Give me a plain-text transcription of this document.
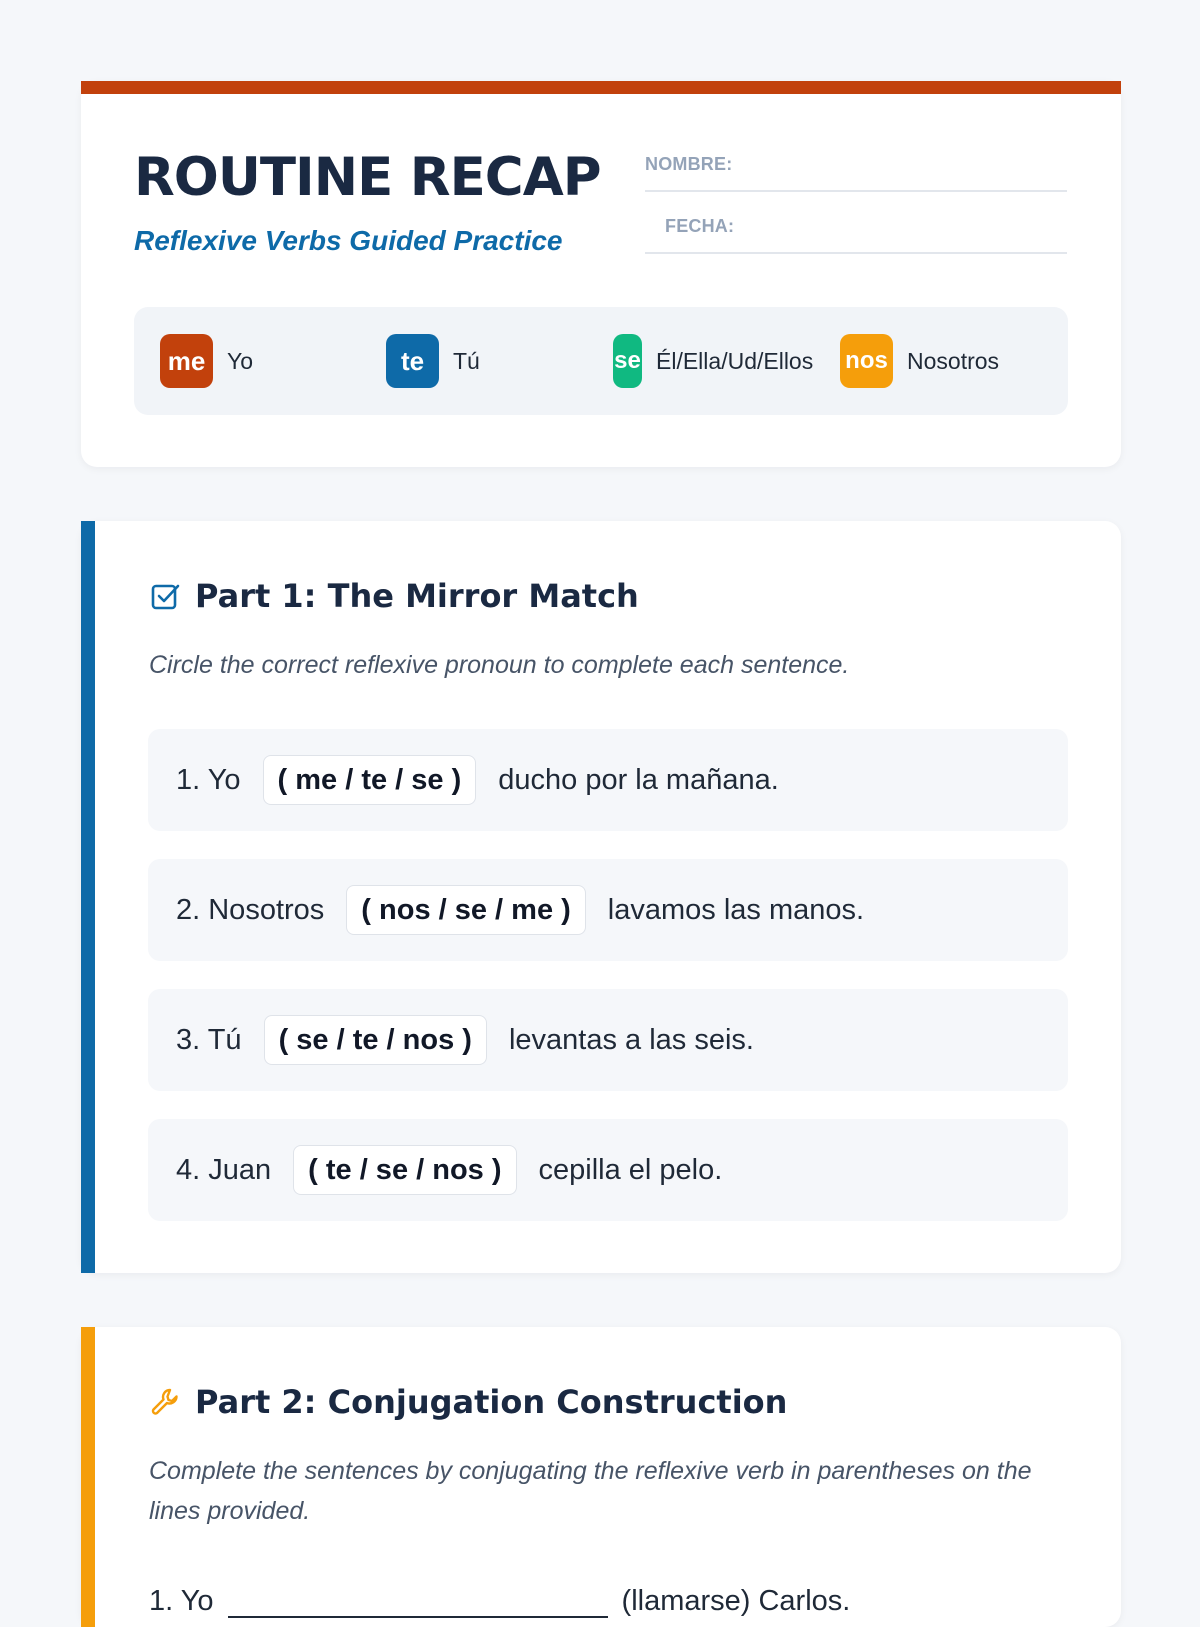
ROUTINE RECAP
Reflexive Verbs Guided Practice
NOMBRE:
FECHA:
me Yo	te	Tú	se Él/Ella/Ud/Ellos nos Nosotros
Part 1: The Mirror Match
Circle the correct reflexive pronoun to complete each sentence.
1. Yo	( me / te / se )	ducho por la mañana.
2. Nosotros	( nos / se / me )	lavamos las manos.
3. Tú	( se / te / nos )	levantas a las seis.
4. Juan	( te / se / nos )	cepilla el pelo.
Part 2: Conjugation Construction
Complete the sentences by conjugating the reflexive verb in parentheses on the lines provided.
1. Yo	(llamarse) Carlos.
